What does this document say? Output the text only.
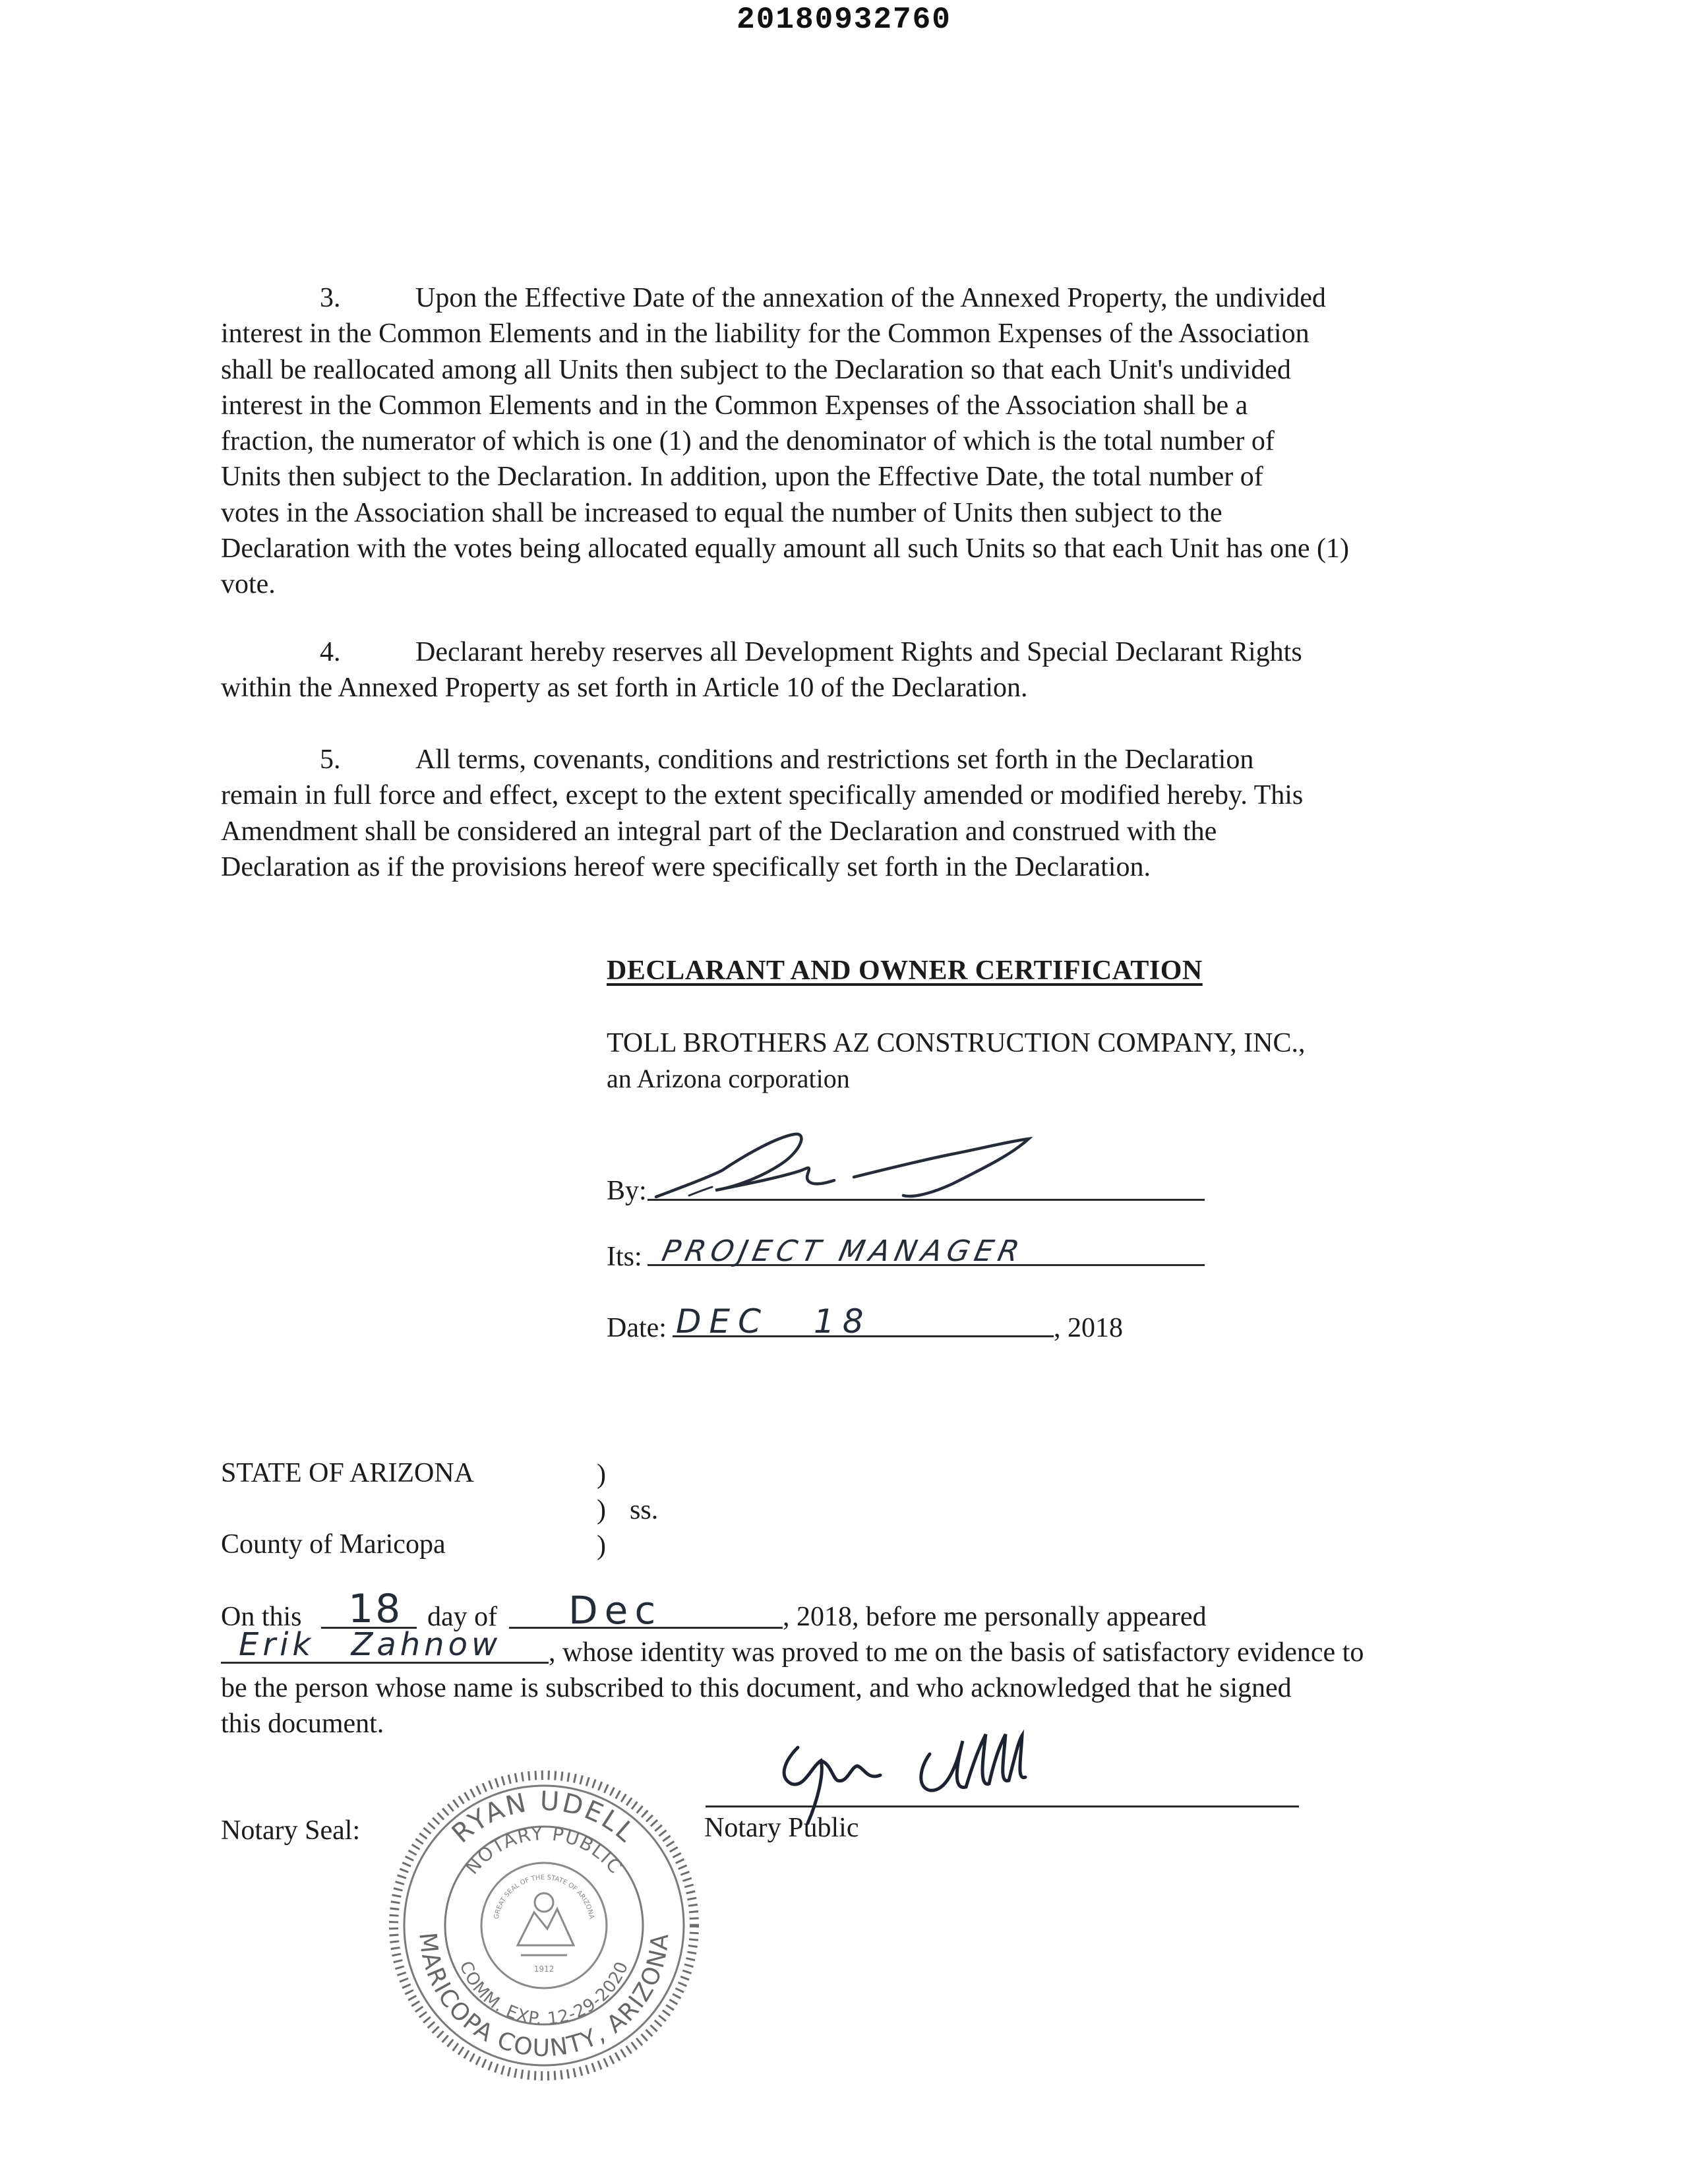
20180932760
3.	Upon the Effective Date of the annexation of the Annexed Property, the undivided
interest in the Common Elements and in the liability for the Common Expenses of the Association
shall be reallocated among all Units then subject to the Declaration so that each Unit's undivided
interest in the Common Elements and in the Common Expenses of the Association shall be a
fraction, the numerator of which is one (1) and the denominator of which is the total number of
Units then subject to the Declaration. In addition, upon the Effective Date, the total number of
votes in the Association shall be increased to equal the number of Units then subject to the
Declaration with the votes being allocated equally amount all such Units so that each Unit has one (1)
vote.
4.	Declarant hereby reserves all Development Rights and Special Declarant Rights
within the Annexed Property as set forth in Article 10 of the Declaration.
5.	All terms, covenants, conditions and restrictions set forth in the Declaration
remain in full force and effect, except to the extent specifically amended or modified hereby. This
Amendment shall be considered an integral part of the Declaration and construed with the
Declaration as if the provisions hereof were specifically set forth in the Declaration.
DECLARANT AND OWNER CERTIFICATION
TOLL BROTHERS AZ CONSTRUCTION COMPANY, INC.,
an Arizona corporation
By:
Its: PROJECT MANAGER
Date: DEC 18	, 2018
STATE OF ARIZONA	)
) ss.
)
County of Maricopa
On this 18 day of Dec	, 2018, before me personally appeared
Erik Zahnow , whose identity was proved to me on the basis of satisfactory evidence to
be the person whose name is subscribed to this document, and who acknowledged that he signed
this document.
Notary Seal:	Notary Public
RYAN UDELL
MARICOPA COUNTY, ARIZONA
NOTARY PUBLIC
COMM. EXP. 12-29-2020
GREAT SEAL OF THE STATE OF ARIZONA
1912
